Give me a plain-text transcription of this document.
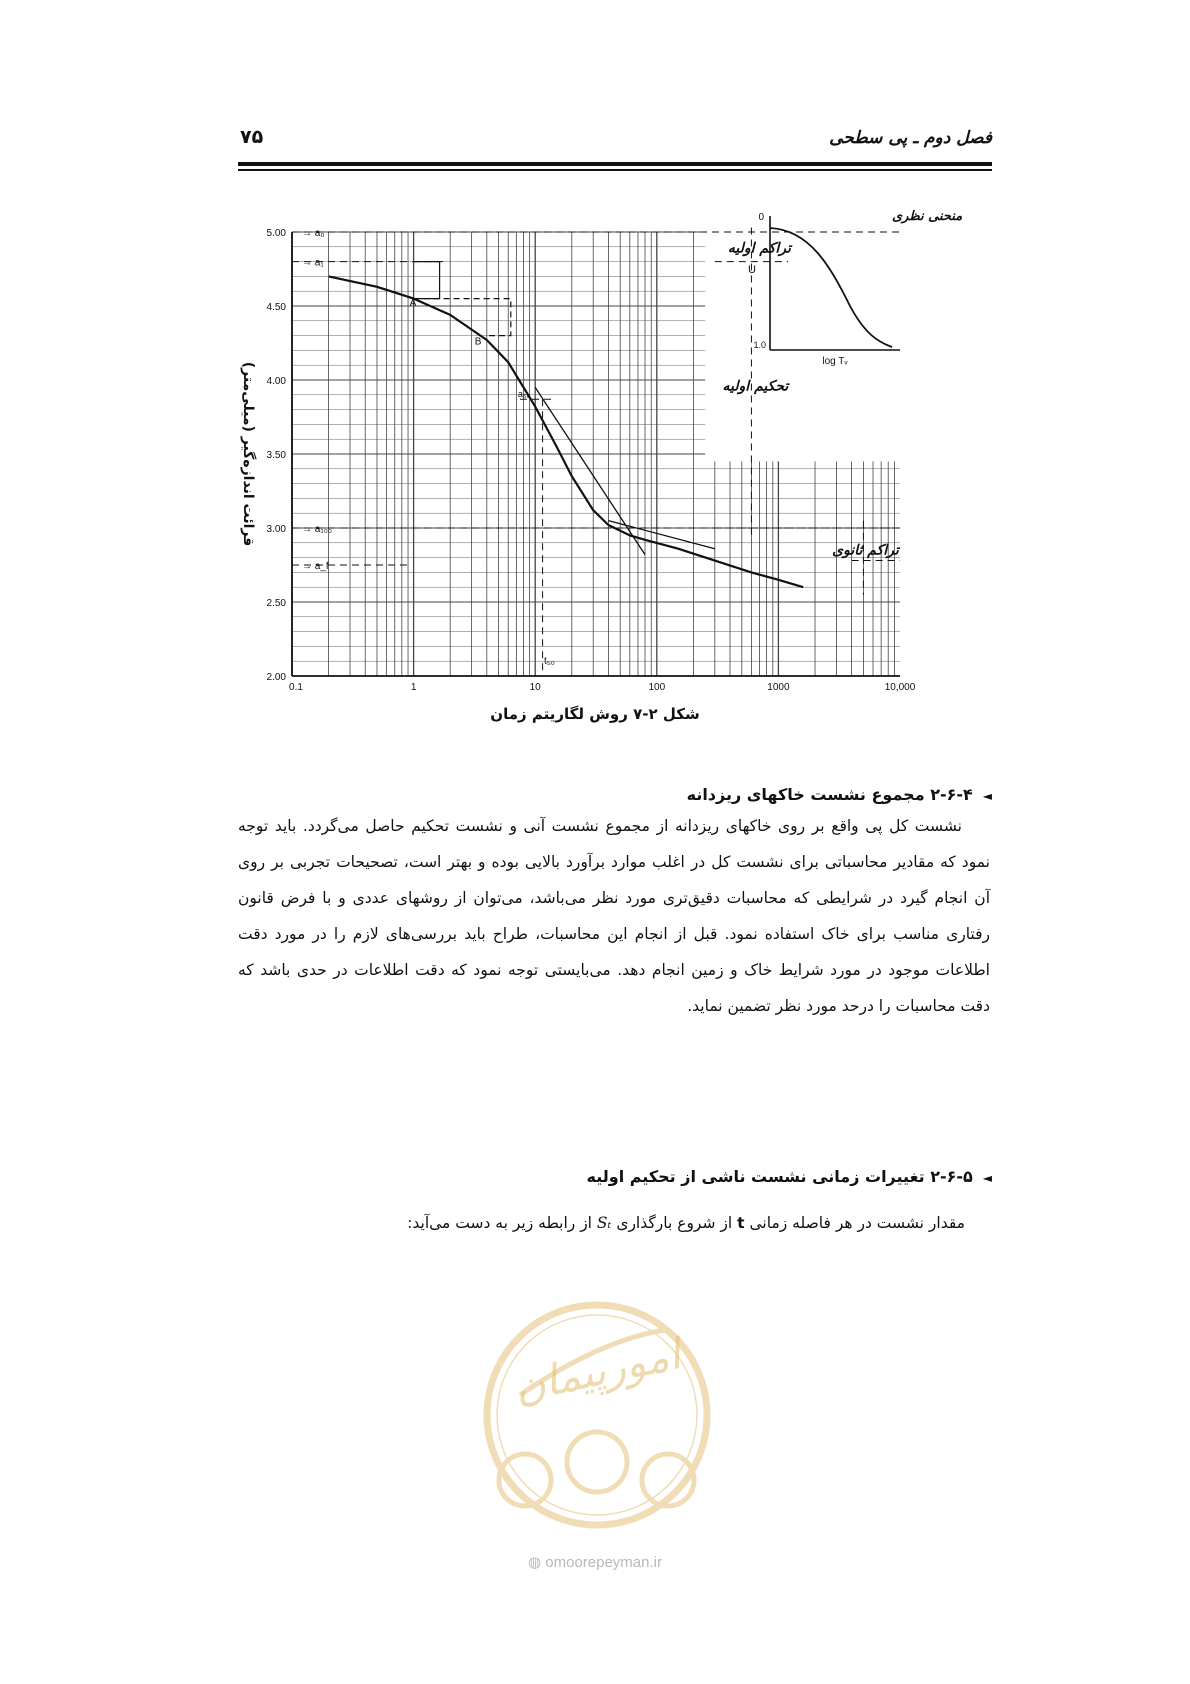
فصل دوم ـ پی سطحی
۷۵
2.00
2.50
3.00
3.50
4.00
4.50
5.00
0.1	1	10	100	1000	10,000
قرائت اندازه‌گیر (میلی‌متر)
→ a₀
→ a₁
→ a₁₀₀
→ a_f
a₅₀
t₅₀
A
B
تراکم اولیه
تحکیم اولیه
تراکم ثانوی
0
1.0
U
log Tᵥ
منحنی نظری
شکل ۲-۷ روش لگاریتم زمان
◄۲-۶-۴ مجموع نشست خاکهای ریزدانه
نشست کل پی واقع بر روی خاکهای ریزدانه از مجموع نشست آنی و نشست تحکیم حاصل می‌گردد. باید توجه نمود که مقادیر محاسباتی برای نشست کل در اغلب موارد برآورد بالایی بوده و بهتر است، تصحیحات تجربی بر روی آن انجام گیرد در شرایطی که محاسبات دقیق‌تری مورد نظر می‌باشد، می‌توان از روشهای عددی و با فرض قانون رفتاری مناسب برای خاک استفاده نمود. قبل از انجام این محاسبات، طراح باید بررسی‌های لازم را در مورد دقت اطلاعات موجود در مورد شرایط خاک و زمین انجام دهد. می‌بایستی توجه نمود که دقت اطلاعات در حدی باشد که دقت محاسبات را درحد مورد نظر تضمین نماید.
◄۲-۶-۵ تغییرات زمانی نشست ناشی از تحکیم اولیه
مقدار نشست در هر فاصله زمانی t از شروع بارگذاری Sₜ از رابطه زیر به دست می‌آید:
امورپیمان
◍ omoorepeyman.ir
